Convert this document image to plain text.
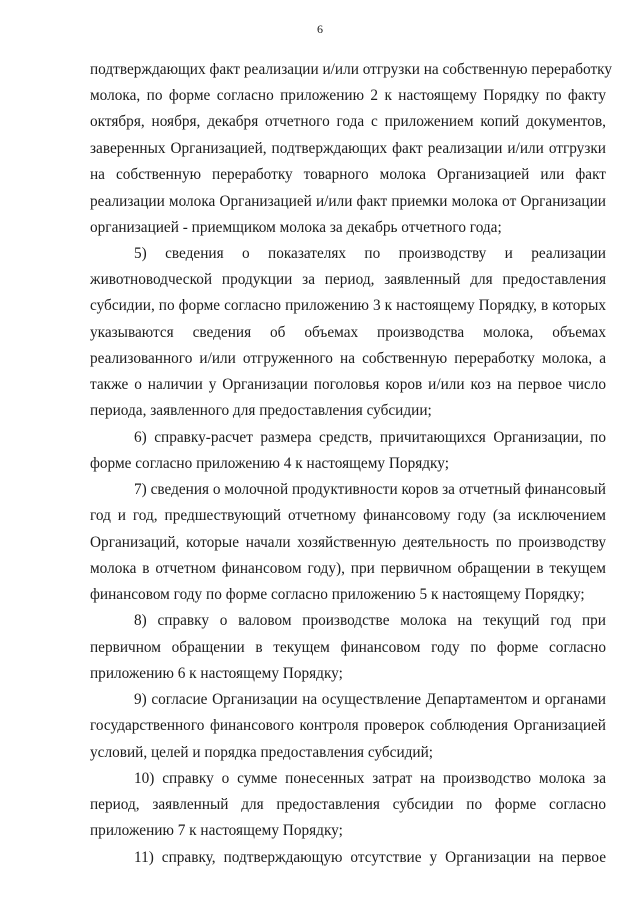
6
подтверждающих факт реализации и/или отгрузки на собственную переработку
молока, по форме согласно приложению 2 к настоящему Порядку по факту
октября, ноября, декабря отчетного года с приложением копий документов,
заверенных Организацией, подтверждающих факт реализации и/или отгрузки
на собственную переработку товарного молока Организацией или факт
реализации молока Организацией и/или факт приемки молока от Организации
организацией - приемщиком молока за декабрь отчетного года;
5) сведения о показателях по производству и реализации
животноводческой продукции за период, заявленный для предоставления
субсидии, по форме согласно приложению 3 к настоящему Порядку, в которых
указываются сведения об объемах производства молока, объемах
реализованного и/или отгруженного на собственную переработку молока, а
также о наличии у Организации поголовья коров и/или коз на первое число
периода, заявленного для предоставления субсидии;
6) справку-расчет размера средств, причитающихся Организации, по
форме согласно приложению 4 к настоящему Порядку;
7) сведения о молочной продуктивности коров за отчетный финансовый
год и год, предшествующий отчетному финансовому году (за исключением
Организаций, которые начали хозяйственную деятельность по производству
молока в отчетном финансовом году), при первичном обращении в текущем
финансовом году по форме согласно приложению 5 к настоящему Порядку;
8) справку о валовом производстве молока на текущий год при
первичном обращении в текущем финансовом году по форме согласно
приложению 6 к настоящему Порядку;
9) согласие Организации на осуществление Департаментом и органами
государственного финансового контроля проверок соблюдения Организацией
условий, целей и порядка предоставления субсидий;
10) справку о сумме понесенных затрат на производство молока за
период, заявленный для предоставления субсидии по форме согласно
приложению 7 к настоящему Порядку;
11) справку, подтверждающую отсутствие у Организации на первое
